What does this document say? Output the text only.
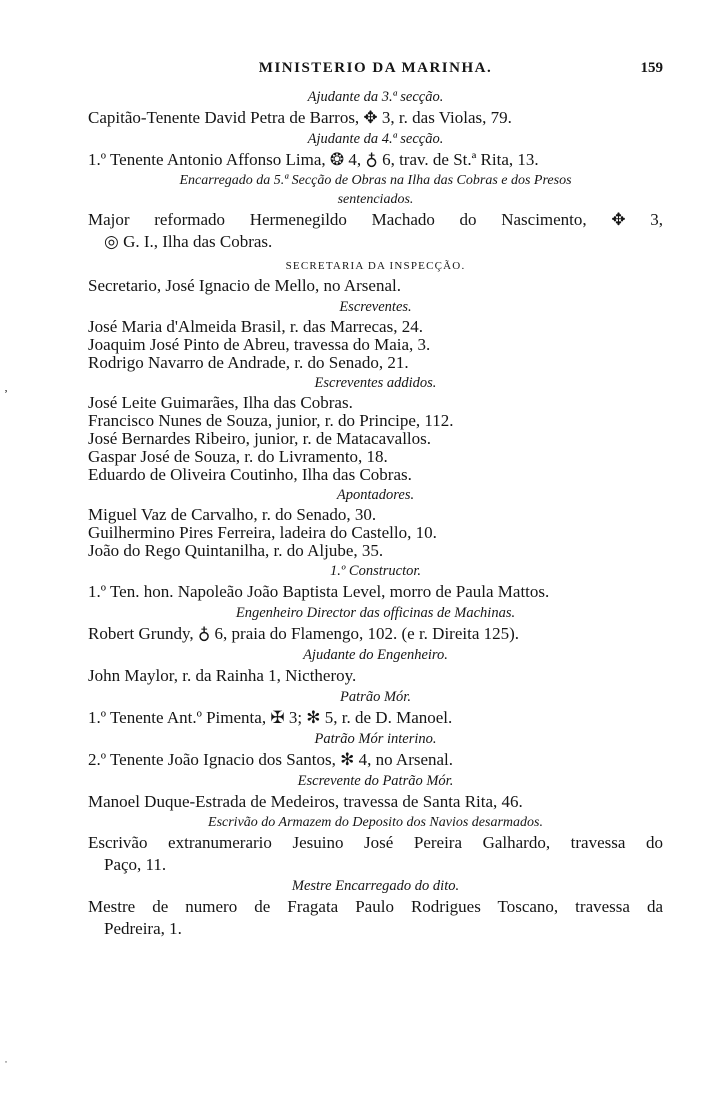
MINISTERIO DA MARINHA.	159
Ajudante da 3.ª secção.
Capitão-Tenente David Petra de Barros, ✥ 3, r. das Violas, 79.
Ajudante da 4.ª secção.
1.º Tenente Antonio Affonso Lima, ❂ 4, ♁ 6, trav. de St.ª Rita, 13.
Encarregado da 5.ª Secção de Obras na Ilha das Cobras e dos Presos
sentenciados.
Major reformado Hermenegildo Machado do Nascimento, ✥ 3,
◎ G. I., Ilha das Cobras.
SECRETARIA DA INSPECÇÃO.
Secretario, José Ignacio de Mello, no Arsenal.
Escreventes.
José Maria d'Almeida Brasil, r. das Marrecas, 24.
Joaquim José Pinto de Abreu, travessa do Maia, 3.
Rodrigo Navarro de Andrade, r. do Senado, 21.
Escreventes addidos.
José Leite Guimarães, Ilha das Cobras.
Francisco Nunes de Souza, junior, r. do Principe, 112.
José Bernardes Ribeiro, junior, r. de Matacavallos.
Gaspar José de Souza, r. do Livramento, 18.
Eduardo de Oliveira Coutinho, Ilha das Cobras.
Apontadores.
Miguel Vaz de Carvalho, r. do Senado, 30.
Guilhermino Pires Ferreira, ladeira do Castello, 10.
João do Rego Quintanilha, r. do Aljube, 35.
1.º Constructor.
1.º Ten. hon. Napoleão João Baptista Level, morro de Paula Mattos.
Engenheiro Director das officinas de Machinas.
Robert Grundy, ♁ 6, praia do Flamengo, 102. (e r. Direita 125).
Ajudante do Engenheiro.
John Maylor, r. da Rainha 1, Nictheroy.
Patrão Mór.
1.º Tenente Ant.º Pimenta, ✠ 3; ✻ 5, r. de D. Manoel.
Patrão Mór interino.
2.º Tenente João Ignacio dos Santos, ✻ 4, no Arsenal.
Escrevente do Patrão Mór.
Manoel Duque-Estrada de Medeiros, travessa de Santa Rita, 46.
Escrivão do Armazem do Deposito dos Navios desarmados.
Escrivão extranumerario Jesuino José Pereira Galhardo, travessa do
Paço, 11.
Mestre Encarregado do dito.
Mestre de numero de Fragata Paulo Rodrigues Toscano, travessa da
Pedreira, 1.
‚
˙
